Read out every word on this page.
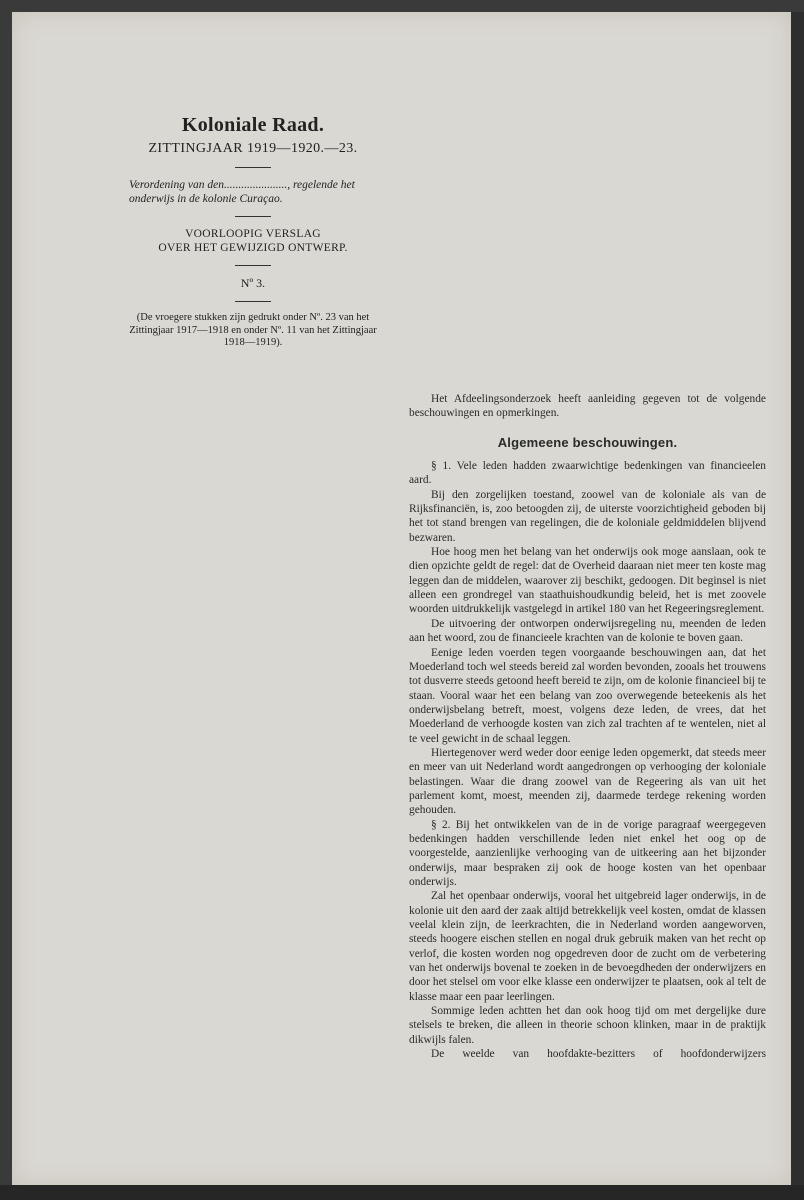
Koloniale Raad.

ZITTINGJAAR 1919—1920.—23.

Verordening van den......................, regelende het onderwijs in de kolonie Curaçao.

VOORLOOPIG VERSLAG

OVER HET GEWIJZIGD ONTWERP.

Nº 3.

(De vroegere stukken zijn gedrukt onder Nº. 23 van het Zittingjaar 1917—1918 en onder Nº. 11 van het Zittingjaar 1918—1919).

Het Afdeelingsonderzoek heeft aanleiding gegeven tot de volgende beschouwingen en opmerkingen.

Algemeene beschouwingen.

§ 1. Vele leden hadden zwaarwichtige bedenkingen van financieelen aard.

Bij den zorgelijken toestand, zoowel van de koloniale als van de Rijksfinanciën, is, zoo betoogden zij, de uiterste voorzichtigheid geboden bij het tot stand brengen van regelingen, die de koloniale geldmiddelen blijvend bezwaren.

Hoe hoog men het belang van het onderwijs ook moge aanslaan, ook te dien opzichte geldt de regel: dat de Overheid daaraan niet meer ten koste mag leggen dan de middelen, waarover zij beschikt, gedoogen. Dit beginsel is niet alleen een grondregel van staathuishoudkundig beleid, het is met zoovele woorden uitdrukkelijk vastgelegd in artikel 180 van het Regeeringsreglement.

De uitvoering der ontworpen onderwijsregeling nu, meenden de leden aan het woord, zou de financieele krachten van de kolonie te boven gaan.

Eenige leden voerden tegen voorgaande beschouwingen aan, dat het Moederland toch wel steeds bereid zal worden bevonden, zooals het trouwens tot dusverre steeds getoond heeft bereid te zijn, om de kolonie financieel bij te staan. Vooral waar het een belang van zoo overwegende beteekenis als het onderwijsbelang betreft, moest, volgens deze leden, de vrees, dat het Moederland de verhoogde kosten van zich zal trachten af te wentelen, niet al te veel gewicht in de schaal leggen.

Hiertegenover werd weder door eenige leden opgemerkt, dat steeds meer en meer van uit Nederland wordt aangedrongen op verhooging der koloniale belastingen. Waar die drang zoowel van de Regeering als van uit het parlement komt, moest, meenden zij, daarmede terdege rekening worden gehouden.

§ 2. Bij het ontwikkelen van de in de vorige paragraaf weergegeven bedenkingen hadden verschillende leden niet enkel het oog op de voorgestelde, aanzienlijke verhooging van de uitkeering aan het bijzonder onderwijs, maar bespraken zij ook de hooge kosten van het openbaar onderwijs.

Zal het openbaar onderwijs, vooral het uitgebreid lager onderwijs, in de kolonie uit den aard der zaak altijd betrekkelijk veel kosten, omdat de klassen veelal klein zijn, de leerkrachten, die in Nederland worden aangeworven, steeds hoogere eischen stellen en nogal druk gebruik maken van het recht op verlof, die kosten worden nog opgedreven door de zucht om de verbetering van het onderwijs bovenal te zoeken in de bevoegdheden der onderwijzers en door het stelsel om voor elke klasse een onderwijzer te plaatsen, ook al telt de klasse maar een paar leerlingen.

Sommige leden achtten het dan ook hoog tijd om met dergelijke dure stelsels te breken, die alleen in theorie schoon klinken, maar in de praktijk dikwijls falen.

De weelde van hoofdakte-bezitters of hoofdonderwijzers
